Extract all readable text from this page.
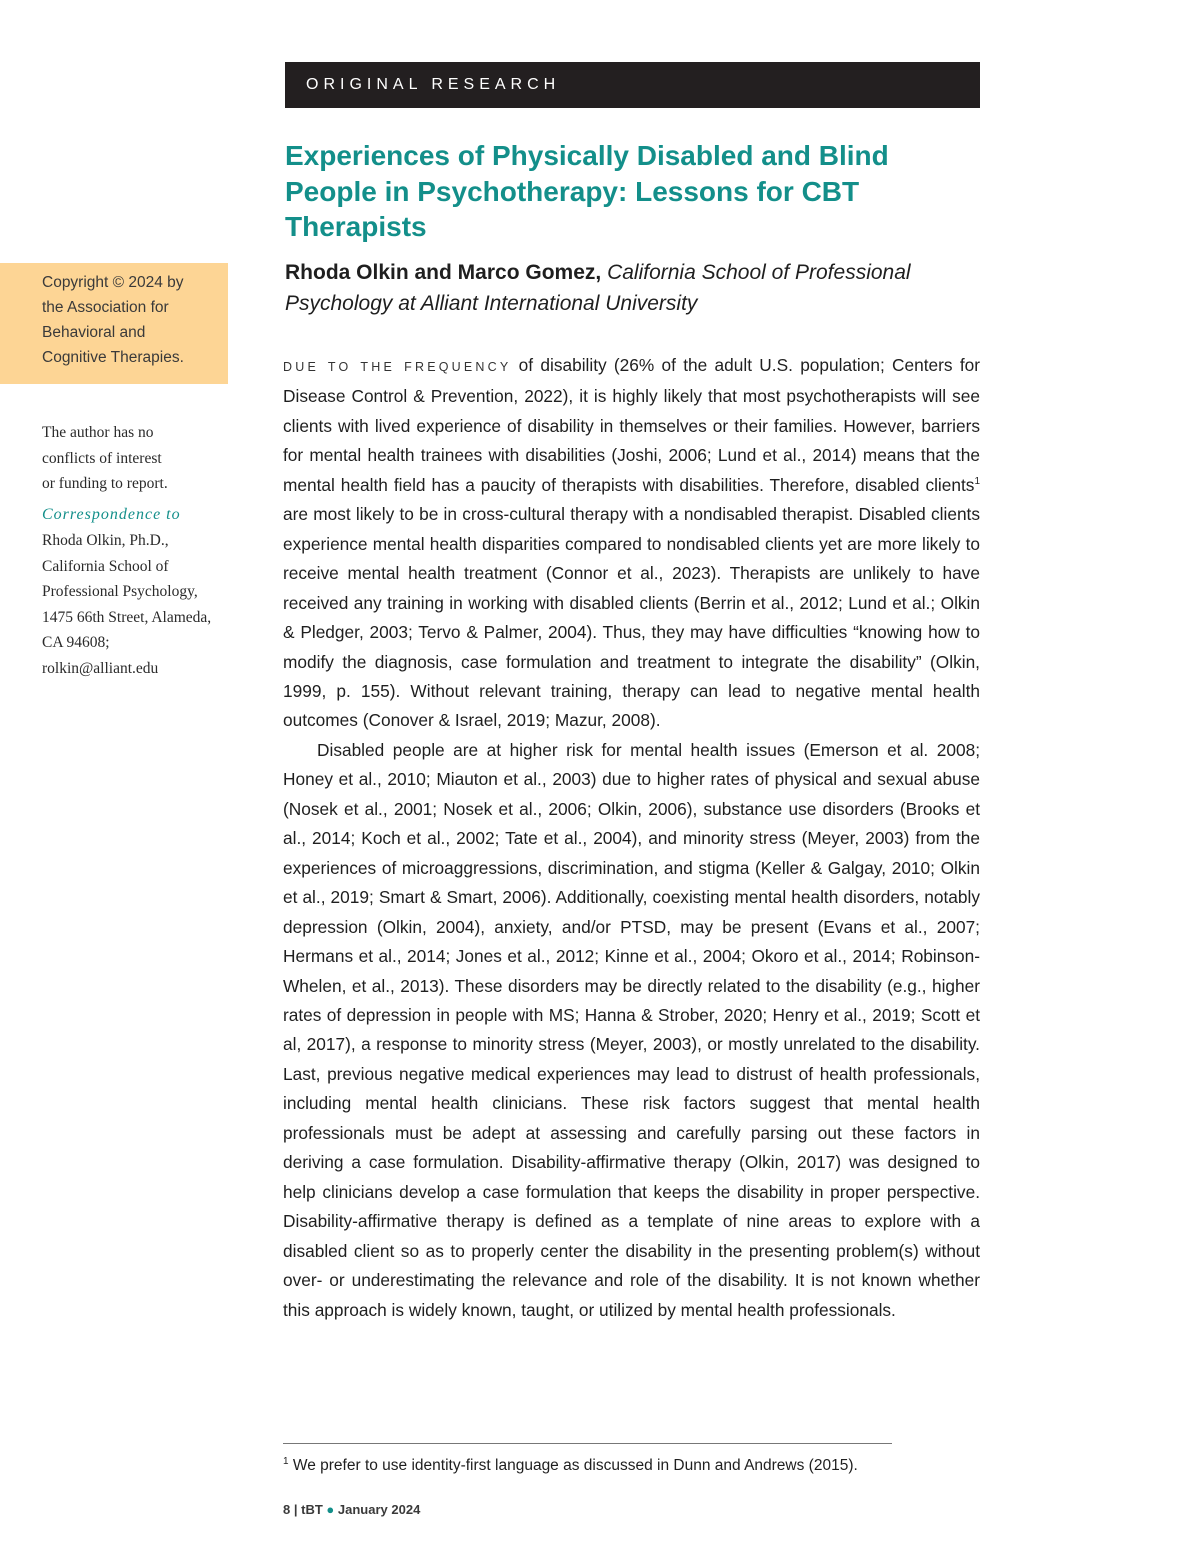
ORIGINAL RESEARCH
Experiences of Physically Disabled and Blind
People in Psychotherapy: Lessons for CBT
Therapists
Rhoda Olkin and Marco Gomez, California School of Professional
Psychology at Alliant International University
Copyright © 2024 by
the Association for
Behavioral and
Cognitive Therapies.
The author has no
conflicts of interest
or funding to report.
Correspondence to
Rhoda Olkin, Ph.D.,
California School of
Professional Psychology,
1475 66th Street, Alameda,
CA 94608;
rolkin@alliant.edu

DUE TO THE FREQUENCY of disability (26% of the adult U.S. population; Centers for Disease Control & Prevention, 2022), it is highly likely that most psychotherapists will see clients with lived experience of disability in themselves or their families. However, barriers for mental health trainees with disabilities (Joshi, 2006; Lund et al., 2014) means that the mental health field has a paucity of therapists with disabilities. Therefore, disabled clients$^1$ are most likely to be in cross-cultural therapy with a nondisabled therapist. Disabled clients experience mental health disparities compared to nondisabled clients yet are more likely to receive mental health treatment (Connor et al., 2023). Therapists are unlikely to have received any training in working with disabled clients (Berrin et al., 2012; Lund et al.; Olkin & Pledger, 2003; Tervo & Palmer, 2004). Thus, they may have difficulties “knowing how to modify the diagnosis, case formulation and treatment to integrate the disability” (Olkin, 1999, p. 155). Without relevant training, therapy can lead to negative mental health outcomes (Conover & Israel, 2019; Mazur, 2008).

Disabled people are at higher risk for mental health issues (Emerson et al. 2008; Honey et al., 2010; Miauton et al., 2003) due to higher rates of physical and sexual abuse (Nosek et al., 2001; Nosek et al., 2006; Olkin, 2006), substance use disorders (Brooks et al., 2014; Koch et al., 2002; Tate et al., 2004), and minority stress (Meyer, 2003) from the experiences of microaggressions, discrimination, and stigma (Keller & Galgay, 2010; Olkin et al., 2019; Smart & Smart, 2006). Additionally, coexisting mental health disorders, notably depression (Olkin, 2004), anxiety, and/or PTSD, may be present (Evans et al., 2007; Hermans et al., 2014; Jones et al., 2012; Kinne et al., 2004; Okoro et al., 2014; Robinson-Whelen, et al., 2013). These disorders may be directly related to the disability (e.g., higher rates of depression in people with MS; Hanna & Strober, 2020; Henry et al., 2019; Scott et al, 2017), a response to minority stress (Meyer, 2003), or mostly unrelated to the disability. Last, previous negative medical experiences may lead to distrust of health professionals, including mental health clinicians. These risk factors suggest that mental health professionals must be adept at assessing and carefully parsing out these factors in deriving a case formulation. Disability-affirmative therapy (Olkin, 2017) was designed to help clinicians develop a case formulation that keeps the disability in proper perspective. Disability-affirmative therapy is defined as a template of nine areas to explore with a disabled client so as to properly center the disability in the presenting problem(s) without over- or underestimating the relevance and role of the disability. It is not known whether this approach is widely known, taught, or utilized by mental health professionals.

$^1$ We prefer to use identity-first language as discussed in Dunn and Andrews (2015).
8 | tBT ● January 2024
